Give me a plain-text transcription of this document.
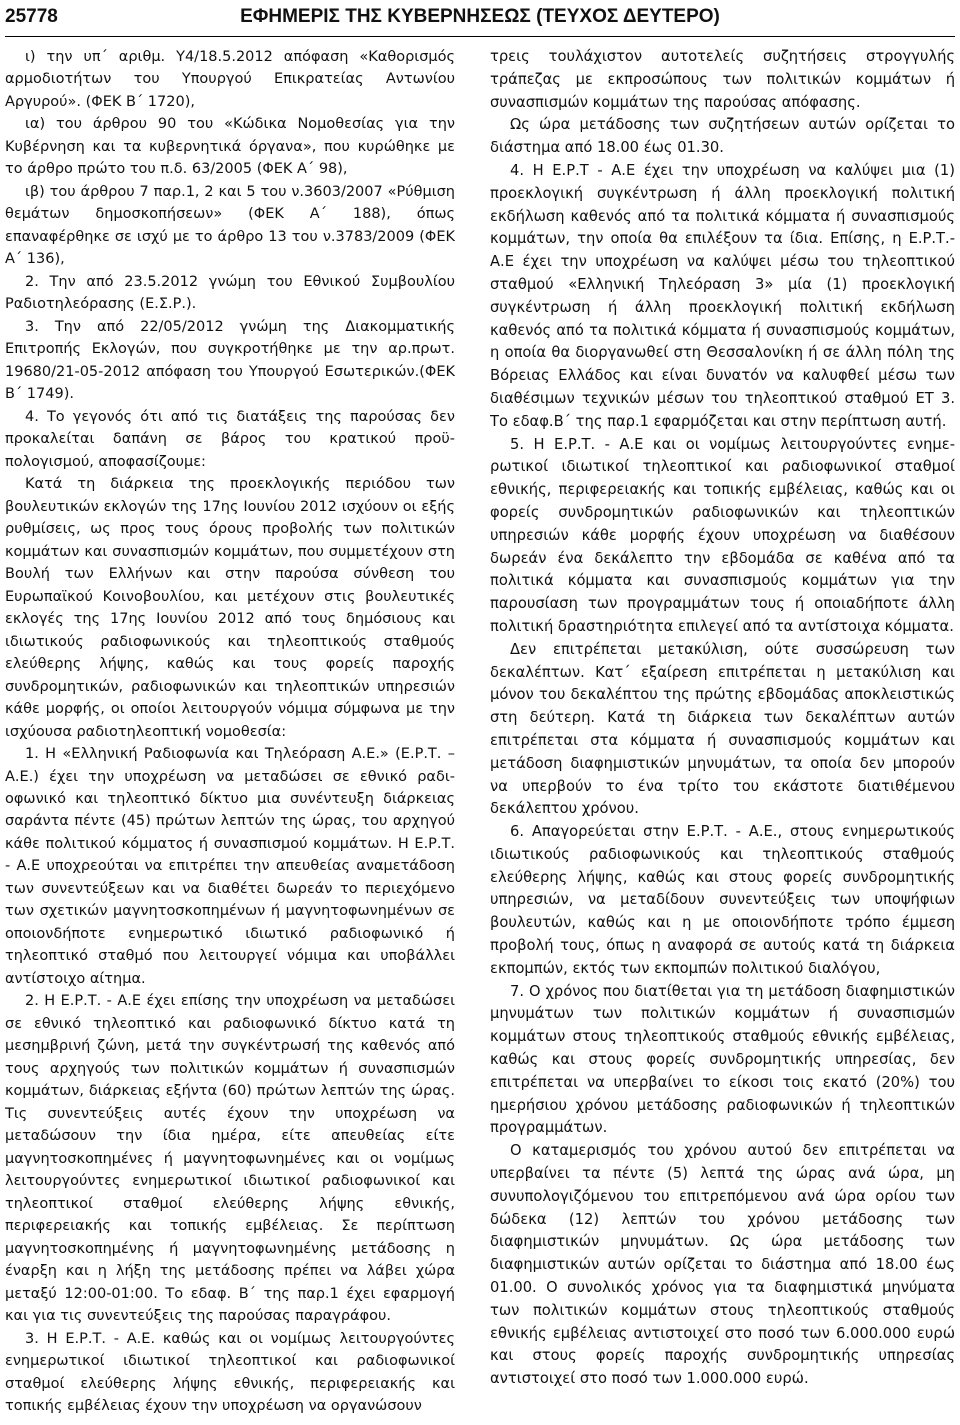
25778	ΕΦΗΜΕΡΙΣ ΤΗΣ ΚΥΒΕΡΝΗΣΕΩΣ (ΤΕΥΧΟΣ ΔΕΥΤΕΡΟ)

ι) την υπ΄ αριθμ. Υ4/18.5.2012 απόφαση «Καθορισμός αρμοδιοτήτων του Υπουργού Επικρατείας Αντωνίου Αργυρού». (ΦΕΚ Β΄ 1720),

ια) του άρθρου 90 του «Κώδικα Νομοθεσίας για την Κυβέρνηση και τα κυβερνητικά όργανα», που κυρώθηκε με το άρθρο πρώτο του π.δ. 63/2005 (ΦΕΚ Α΄ 98),

ιβ) του άρθρου 7 παρ.1, 2 και 5 του ν.3603/2007 «Ρύθμιση θεμάτων δημοσκοπήσεων» (ΦΕΚ Α΄ 188), όπως επαναφέρθηκε σε ισχύ με το άρθρο 13 του ν.3783/2009 (ΦΕΚ Α΄ 136),

2. Την από 23.5.2012 γνώμη του Εθνικού Συμβουλίου Ραδιοτηλεόρασης (Ε.Σ.Ρ.).

3. Την από 22/05/2012 γνώμη της Διακομματικής Επιτροπής Εκλογών, που συγκροτήθηκε με την αρ.πρωτ. 19680/21-05-2012 απόφαση του Υπουργού Εσωτερικών.(ΦΕΚ Β΄ 1749).

4. Το γεγονός ότι από τις διατάξεις της παρούσας δεν προκαλείται δαπάνη σε βάρος του κρατικού προϋπολογισμού, αποφασίζουμε:

Κατά τη διάρκεια της προεκλογικής περιόδου των βουλευτικών εκλογών της 17ης Ιουνίου 2012 ισχύουν οι εξής ρυθμίσεις, ως προς τους όρους προβολής των πολιτικών κομμάτων και συνασπισμών κομμάτων, που συμμετέχουν στη Βουλή των Ελλήνων και στην παρούσα σύνθεση του Ευρωπαϊκού Κοινοβουλίου, και μετέχουν στις βουλευτικές εκλογές της 17ης Ιουνίου 2012 από τους δημόσιους και ιδιωτικούς ραδιοφωνικούς και τηλεοπτικούς σταθμούς ελεύθερης λήψης, καθώς και τους φορείς παροχής συνδρομητικών, ραδιοφωνικών και τηλεοπτικών υπηρεσιών κάθε μορφής, οι οποίοι λειτουργούν νόμιμα σύμφωνα με την ισχύουσα ραδιοτηλεοπτική νομοθεσία:

1. Η «Ελληνική Ραδιοφωνία και Τηλεόραση Α.Ε.» (Ε.Ρ.Τ. – Α.Ε.) έχει την υποχρέωση να μεταδώσει σε εθνικό ραδιοφωνικό και τηλεοπτικό δίκτυο μια συνέντευξη διάρκειας σαράντα πέντε (45) πρώτων λεπτών της ώρας, του αρχηγού κάθε πολιτικού κόμματος ή συνασπισμού κομμάτων. Η Ε.Ρ.Τ. - Α.Ε υποχρεούται να επιτρέπει την απευθείας αναμετάδοση των συνεντεύξεων και να διαθέτει δωρεάν το περιεχόμενο των σχετικών μαγνητοσκοπημένων ή μαγνητοφωνημένων σε οποιονδήποτε ενημερωτικό ιδιωτικό ραδιοφωνικό ή τηλεοπτικό σταθμό που λειτουργεί νόμιμα και υποβάλλει αντίστοιχο αίτημα.

2. Η Ε.Ρ.Τ. - Α.Ε έχει επίσης την υποχρέωση να μεταδώσει σε εθνικό τηλεοπτικό και ραδιοφωνικό δίκτυο κατά τη μεσημβρινή ζώνη, μετά την συγκέντρωσή της καθενός από τους αρχηγούς των πολιτικών κομμάτων ή συνασπισμών κομμάτων, διάρκειας εξήντα (60) πρώτων λεπτών της ώρας. Τις συνεντεύξεις αυτές έχουν την υποχρέωση να μεταδώσουν την ίδια ημέρα, είτε απευθείας είτε μαγνητοσκοπημένες ή μαγνητοφωνημένες και οι νομίμως λειτουργούντες ενημερωτικοί ιδιωτικοί ραδιοφωνικοί και τηλεοπτικοί σταθμοί ελεύθερης λήψης εθνικής, περιφερειακής και τοπικής εμβέλειας. Σε περίπτωση μαγνητοσκοπημένης ή μαγνητοφωνημένης μετάδοσης η έναρξη και η λήξη της μετάδοσης πρέπει να λάβει χώρα μεταξύ 12:00-01:00. Το εδαφ. Β΄ της παρ.1 έχει εφαρμογή και για τις συνεντεύξεις της παρούσας παραγράφου.

3. Η Ε.Ρ.Τ. - Α.Ε. καθώς και οι νομίμως λειτουργούντες ενημερωτικοί ιδιωτικοί τηλεοπτικοί και ραδιοφωνικοί σταθμοί ελεύθερης λήψης εθνικής, περιφερειακής και τοπικής εμβέλειας έχουν την υποχρέωση να οργανώσουν

τρεις τουλάχιστον αυτοτελείς συζητήσεις στρογγυλής τράπεζας με εκπροσώπους των πολιτικών κομμάτων ή συνασπισμών κομμάτων της παρούσας απόφασης.

Ως ώρα μετάδοσης των συζητήσεων αυτών ορίζεται το διάστημα από 18.00 έως 01.30.

4. Η Ε.Ρ.Τ - Α.Ε έχει την υποχρέωση να καλύψει μια (1) προεκλογική συγκέντρωση ή άλλη προεκλογική πολιτική εκδήλωση καθενός από τα πολιτικά κόμματα ή συνασπισμούς κομμάτων, την οποία θα επιλέξουν τα ίδια. Επίσης, η Ε.Ρ.Τ.- Α.Ε έχει την υποχρέωση να καλύψει μέσω του τηλεοπτικού σταθμού «Ελληνική Τηλεόραση 3» μία (1) προεκλογική συγκέντρωση ή άλλη προεκλογική πολιτική εκδήλωση καθενός από τα πολιτικά κόμματα ή συνασπισμούς κομμάτων, η οποία θα διοργανωθεί στη Θεσσαλονίκη ή σε άλλη πόλη της Βόρειας Ελλάδος και είναι δυνατόν να καλυφθεί μέσω των διαθέσιμων τεχνικών μέσων του τηλεοπτικού σταθμού ΕΤ 3. Το εδαφ.Β΄ της παρ.1 εφαρμόζεται και στην περίπτωση αυτή.

5. Η Ε.Ρ.Τ. - Α.Ε και οι νομίμως λειτουργούντες ενημερωτικοί ιδιωτικοί τηλεοπτικοί και ραδιοφωνικοί σταθμοί εθνικής, περιφερειακής και τοπικής εμβέλειας, καθώς και οι φορείς συνδρομητικών ραδιοφωνικών και τηλεοπτικών υπηρεσιών κάθε μορφής έχουν υποχρέωση να διαθέσουν δωρεάν ένα δεκάλεπτο την εβδομάδα σε καθένα από τα πολιτικά κόμματα και συνασπισμούς κομμάτων για την παρουσίαση των προγραμμάτων τους ή οποιαδήποτε άλλη πολιτική δραστηριότητα επιλεγεί από τα αντίστοιχα κόμματα.

Δεν επιτρέπεται μετακύλιση, ούτε συσσώρευση των δεκαλέπτων. Κατ΄ εξαίρεση επιτρέπεται η μετακύλιση και μόνον του δεκαλέπτου της πρώτης εβδομάδας αποκλειστικώς στη δεύτερη. Κατά τη διάρκεια των δεκαλέπτων αυτών επιτρέπεται στα κόμματα ή συνασπισμούς κομμάτων και μετάδοση διαφημιστικών μηνυμάτων, τα οποία δεν μπορούν να υπερβούν το ένα τρίτο του εκάστοτε διατιθέμενου δεκάλεπτου χρόνου.

6. Απαγορεύεται στην Ε.Ρ.Τ. - Α.Ε., στους ενημερωτικούς ιδιωτικούς ραδιοφωνικούς και τηλεοπτικούς σταθμούς ελεύθερης λήψης, καθώς και στους φορείς συνδρομητικής υπηρεσιών, να μεταδίδουν συνεντεύξεις των υποψήφιων βουλευτών, καθώς και η με οποιονδήποτε τρόπο έμμεση προβολή τους, όπως η αναφορά σε αυτούς κατά τη διάρκεια εκπομπών, εκτός των εκπομπών πολιτικού διαλόγου,

7. Ο χρόνος που διατίθεται για τη μετάδοση διαφημιστικών μηνυμάτων των πολιτικών κομμάτων ή συνασπισμών κομμάτων στους τηλεοπτικούς σταθμούς εθνικής εμβέλειας, καθώς και στους φορείς συνδρομητικής υπηρεσίας, δεν επιτρέπεται να υπερβαίνει το είκοσι τοις εκατό (20%) του ημερήσιου χρόνου μετάδοσης ραδιοφωνικών ή τηλεοπτικών προγραμμάτων.

Ο καταμερισμός του χρόνου αυτού δεν επιτρέπεται να υπερβαίνει τα πέντε (5) λεπτά της ώρας ανά ώρα, μη συνυπολογιζόμενου του επιτρεπόμενου ανά ώρα ορίου των δώδεκα (12) λεπτών του χρόνου μετάδοσης των διαφημιστικών μηνυμάτων. Ως ώρα μετάδοσης των διαφημιστικών αυτών ορίζεται το διάστημα από 18.00 έως 01.00. Ο συνολικός χρόνος για τα διαφημιστικά μηνύματα των πολιτικών κομμάτων στους τηλεοπτικούς σταθμούς εθνικής εμβέλειας αντιστοιχεί στο ποσό των 6.000.000 ευρώ και στους φορείς παροχής συνδρομητικής υπηρεσίας αντιστοιχεί στο ποσό των 1.000.000 ευρώ.
